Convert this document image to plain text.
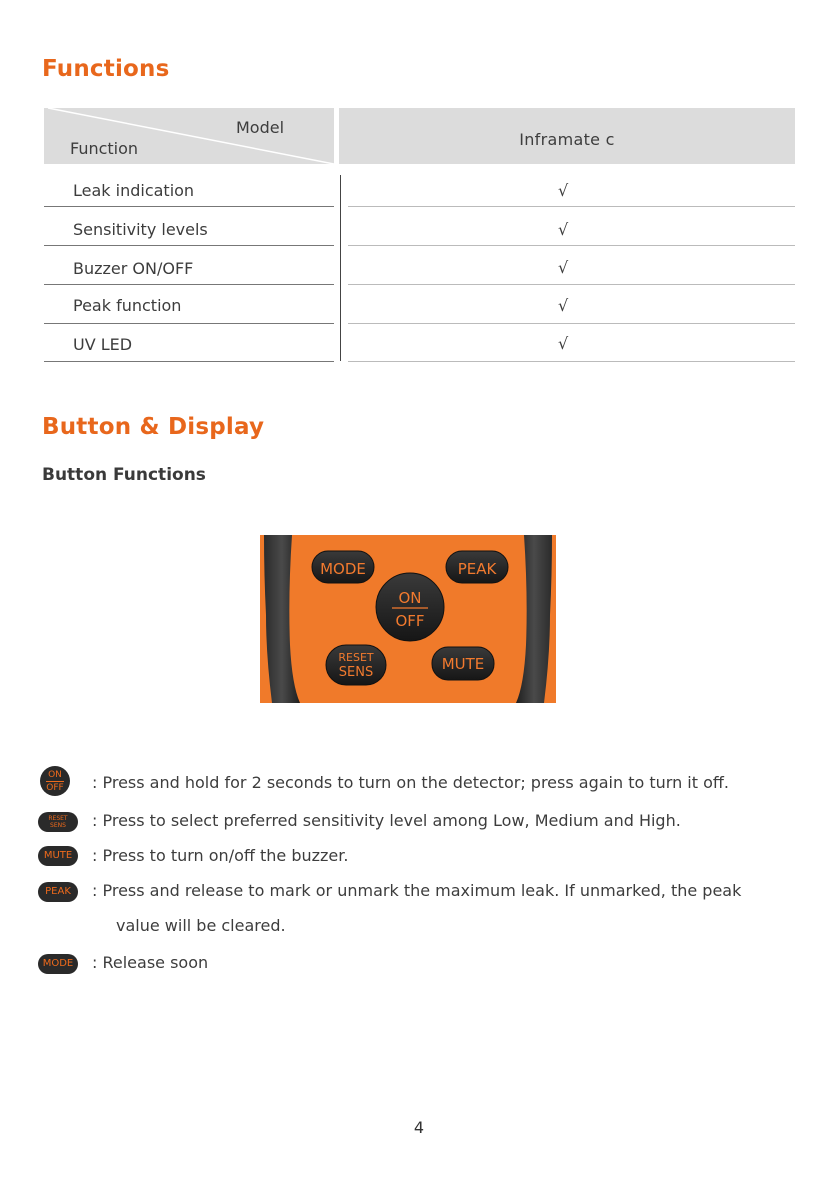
Functions
Model
Function	Inframate c
Leak indication	√
Sensitivity levels	√
Buzzer ON/OFF	√
Peak function	√
UV LED	√
Button & Display
Button Functions
MODE	PEAK
ON
OFF
RESET
SENS	MUTE
ON
OFF	: Press and hold for 2 seconds to turn on the detector; press again to turn it off.
RESET
SENS	: Press to select preferred sensitivity level among Low, Medium and High.
MUTE	: Press to turn on/off the buzzer.
PEAK	: Press and release to mark or unmark the maximum leak. If unmarked, the peak
value will be cleared.
MODE : Release soon
4
